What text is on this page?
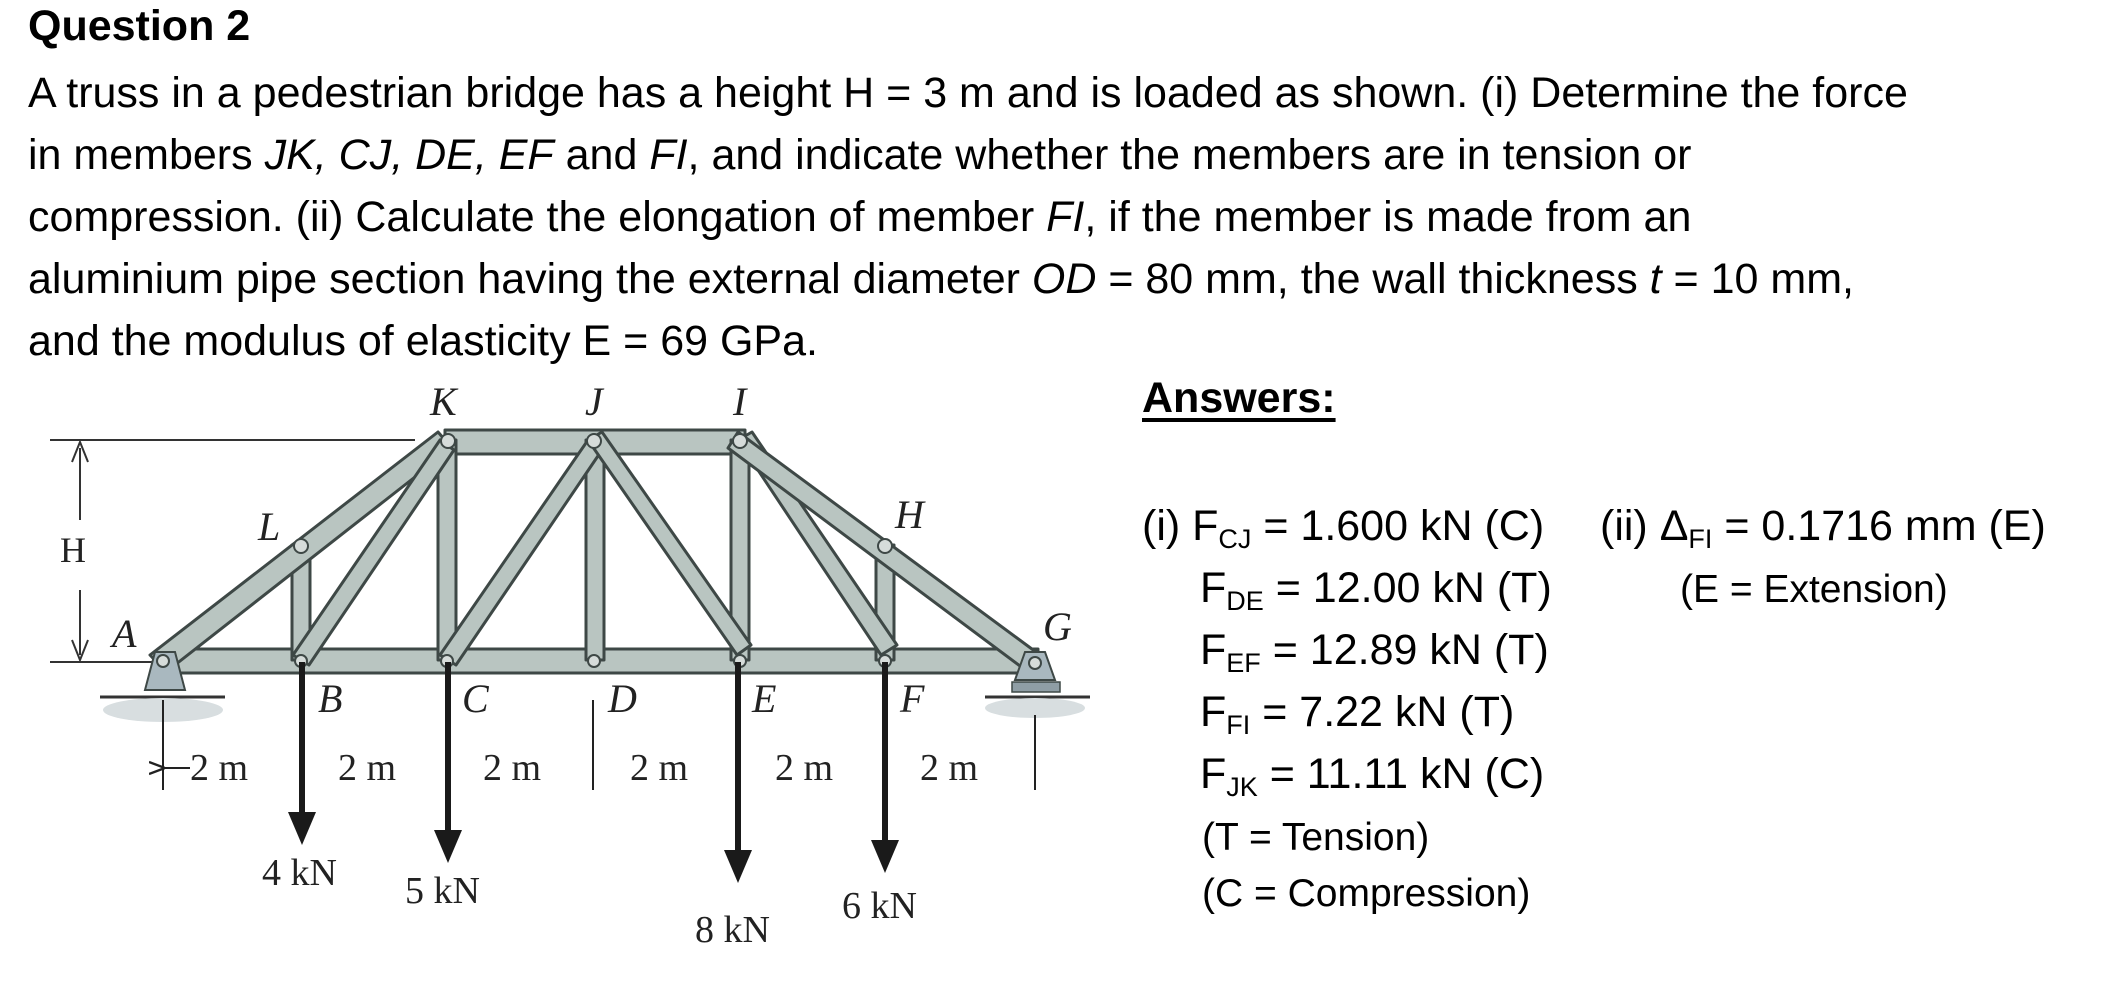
Question 2

A truss in a pedestrian bridge has a height H = 3 m and is loaded as shown. (i) Determine the force
in members JK, CJ, DE, EF and FI, and indicate whether the members are in tension or
compression. (ii) Calculate the elongation of member FI, if the member is made from an
aluminium pipe section having the external diameter OD = 80 mm, the wall thickness t = 10 mm,
and the modulus of elasticity E = 69 GPa.

H
K	J	I
L	H
A	G
B	C	D	E	F
2 m 2 m 2 m 2 m 2 m 2 m
4 kN 5 kN
8 kN
6 kN
Answers:
(i) $F_{CJ} = 1.600$ kN (C)
$F_{DE} = 12.00$ kN (T)
$F_{EF} = 12.89$ kN (T)
$F_{FI} = 7.22$ kN (T)
$F_{JK} = 11.11$ kN (C)
(T = Tension)
(C = Compression)
(ii) $\Delta_{FI} = 0.1716$ mm (E)
(E = Extension)
